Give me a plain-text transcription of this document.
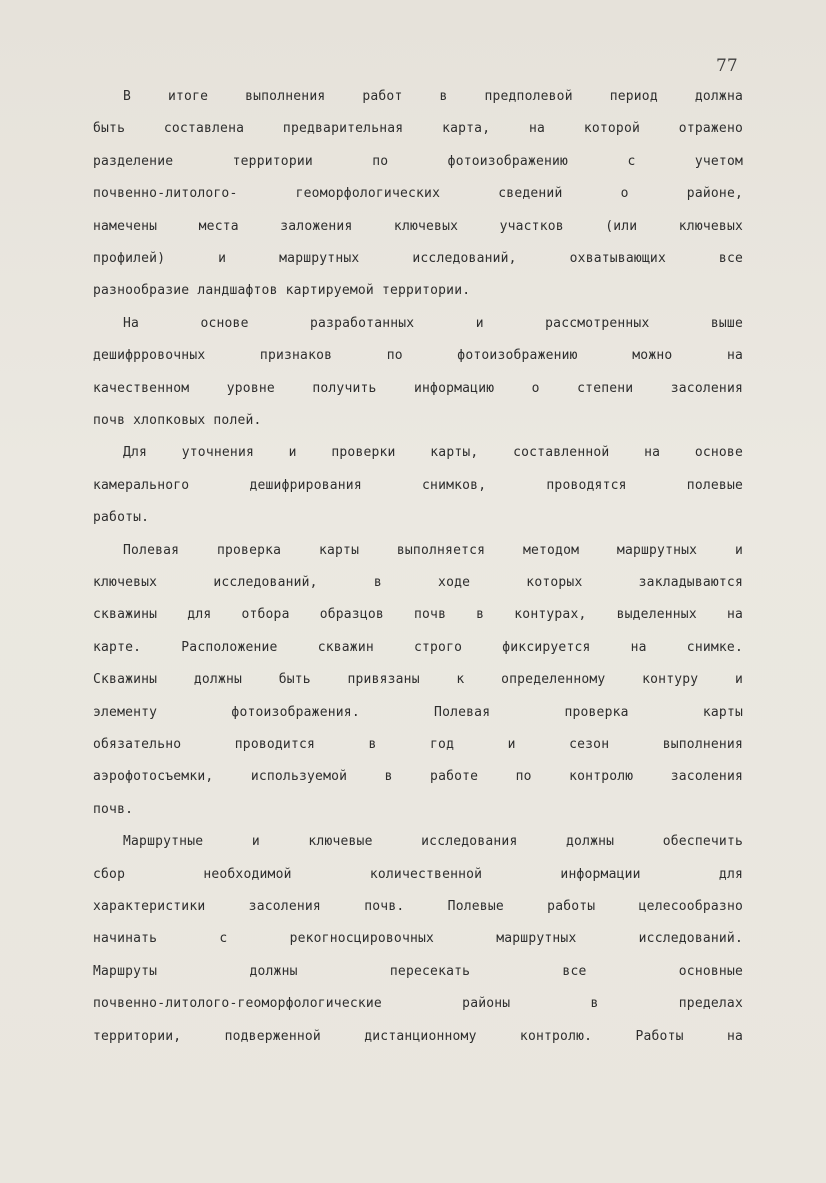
77
В итоге выполнения работ в предполевой период должна
быть составлена предварительная карта, на которой отражено
разделение территории по фотоизображению с учетом
почвенно-литолого- геоморфологических сведений о районе,
намечены места заложения ключевых участков (или ключевых
профилей) и маршрутных исследований, охватывающих все
разнообразие ландшафтов картируемой территории.
На основе разработанных и рассмотренных выше
дешифрровочных признаков по фотоизображению можно на
качественном уровне получить информацию о степени засоления
почв хлопковых полей.
Для уточнения и проверки карты, составленной на основе
камерального дешифрирования снимков, проводятся полевые
работы.
Полевая проверка карты выполняется методом маршрутных и
ключевых исследований, в ходе которых закладываются
скважины для отбора образцов почв в контурах, выделенных на
карте. Расположение скважин строго фиксируется на снимке.
Скважины должны быть привязаны к определенному контуру и
элементу фотоизображения. Полевая проверка карты
обязательно проводится в год и сезон выполнения
аэрофотосъемки, используемой в работе по контролю засоления
почв.
Маршрутные и ключевые исследования должны обеспечить
сбор необходимой количественной информации для
характеристики засоления почв. Полевые работы целесообразно
начинать с рекогносцировочных маршрутных исследований.
Маршруты должны пересекать все основные
почвенно-литолого-геоморфологические районы в пределах
территории, подверженной дистанционному контролю. Работы на
